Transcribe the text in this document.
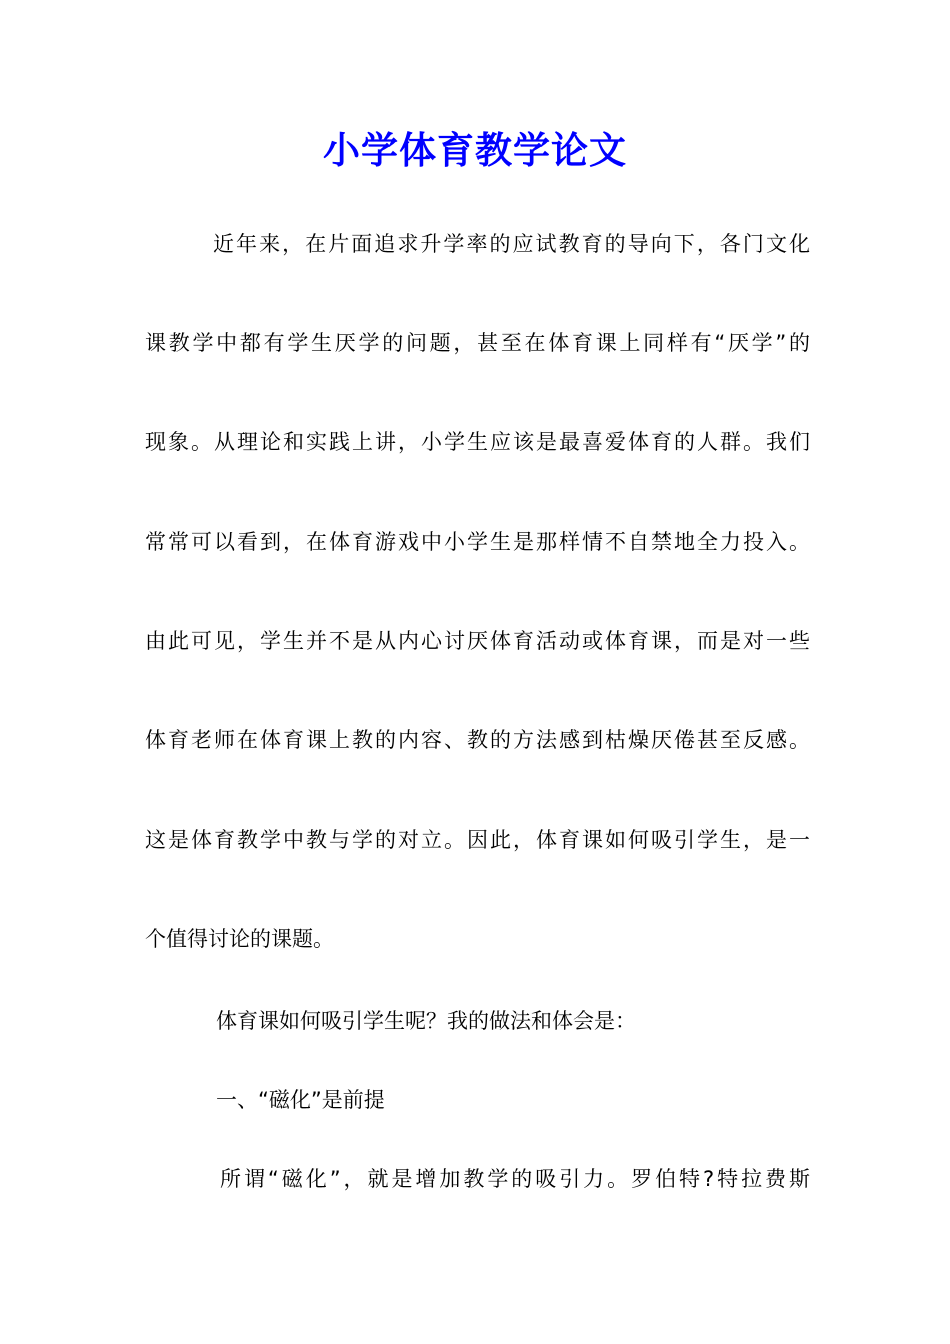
小学体育教学论文

近年来，在片面追求升学率的应试教育的导向下，各门文化

课教学中都有学生厌学的问题，甚至在体育课上同样有“厌学”的

现象。从理论和实践上讲，小学生应该是最喜爱体育的人群。我们

常常可以看到，在体育游戏中小学生是那样情不自禁地全力投入。

由此可见，学生并不是从内心讨厌体育活动或体育课，而是对一些

体育老师在体育课上教的内容、教的方法感到枯燥厌倦甚至反感。

这是体育教学中教与学的对立。因此，体育课如何吸引学生，是一

个值得讨论的课题。

体育课如何吸引学生呢？我的做法和体会是：

一、“磁化”是前提

所谓“磁化”，就是增加教学的吸引力。罗伯特?特拉费斯
